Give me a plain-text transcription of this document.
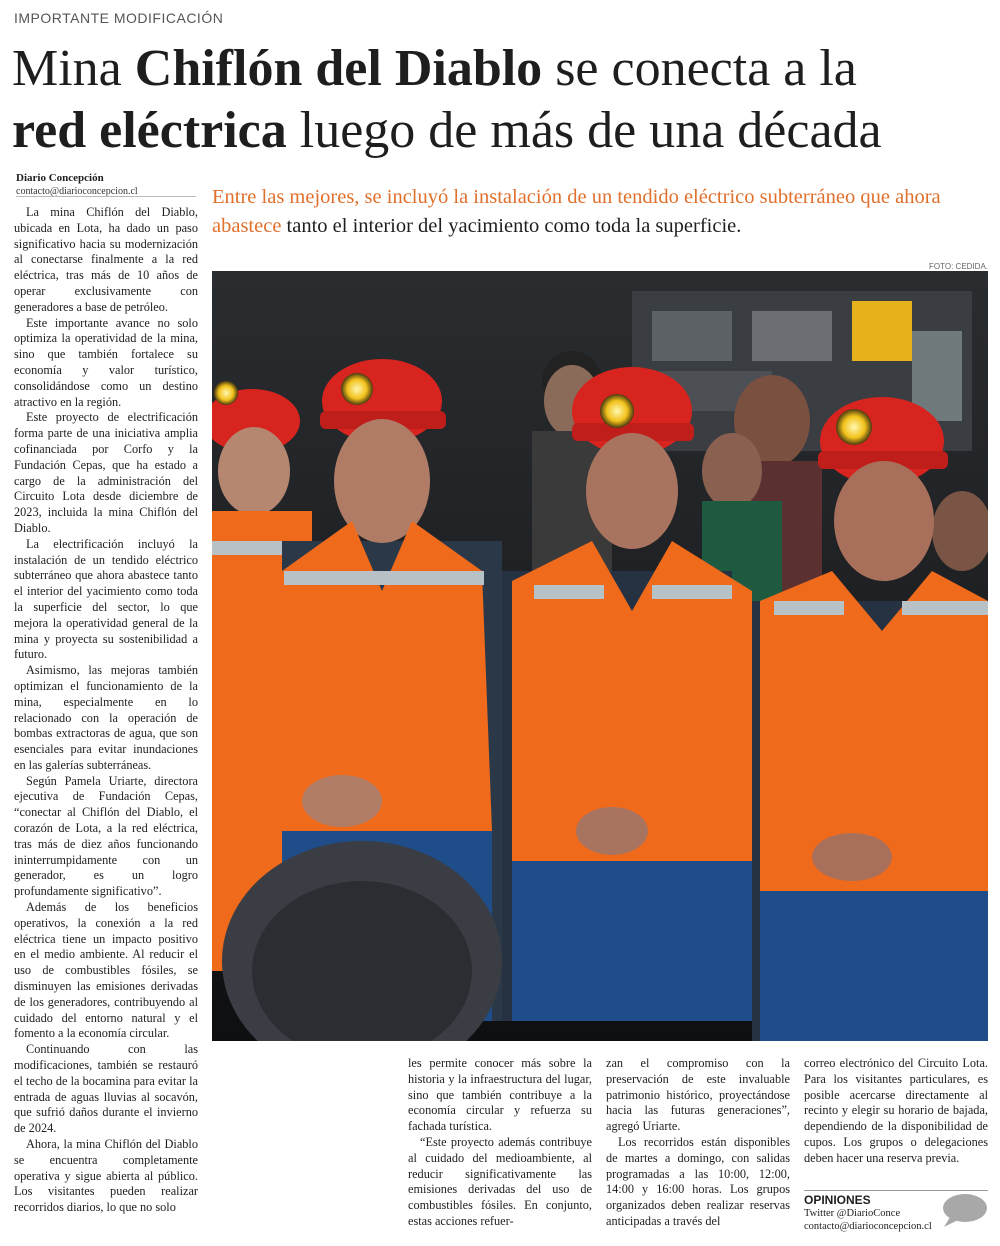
IMPORTANTE MODIFICACIÓN
Mina Chiflón del Diablo se conecta a la
red eléctrica luego de más de una década
Diario Concepción
contacto@diarioconcepcion.cl	Entre las mejores, se incluyó la instalación de un tendido eléctrico subterráneo que ahora abastece tanto el interior del yacimiento como toda la superficie.
FOTO: CEDIDA.

La mina Chiflón del Diablo, ubicada en Lota, ha dado un paso significativo hacia su modernización al conectarse finalmente a la red eléctrica, tras más de 10 años de operar exclusivamente con generadores a base de petróleo.

Este importante avance no solo optimiza la operatividad de la mina, sino que también fortalece su economía y valor turístico, consolidándose como un destino atractivo en la región.

Este proyecto de electrificación forma parte de una iniciativa amplia cofinanciada por Corfo y la Fundación Cepas, que ha estado a cargo de la administración del Circuito Lota desde diciembre de 2023, incluida la mina Chiflón del Diablo.

La electrificación incluyó la instalación de un tendido eléctrico subterráneo que ahora abastece tanto el interior del yacimiento como toda la superficie del sector, lo que mejora la operatividad general de la mina y proyecta su sostenibilidad a futuro.

Asimismo, las mejoras también optimizan el funcionamiento de la mina, especialmente en lo relacionado con la operación de bombas extractoras de agua, que son esenciales para evitar inundaciones en las galerías subterráneas.

Según Pamela Uriarte, directora ejecutiva de Fundación Cepas, “conectar al Chiflón del Diablo, el corazón de Lota, a la red eléctrica, tras más de diez años funcionando ininterrumpidamente con un generador, es un logro profundamente significativo”.

Además de los beneficios operativos, la conexión a la red eléctrica tiene un impacto positivo en el medio ambiente. Al reducir el uso de combustibles fósiles, se disminuyen las emisiones derivadas de los generadores, contribuyendo al cuidado del entorno natural y el fomento a la economía circular.

Continuando con las modificaciones, también se restauró el techo de la bocamina para evitar la entrada de aguas lluvias al socavón, que sufrió daños durante el invierno de 2024.

Ahora, la mina Chiflón del Diablo se encuentra completamente operativa y sigue abierta al público. Los visitantes pueden realizar recorridos diarios, lo que no solo

les permite conocer más sobre la historia y la infraestructura del lugar, sino que también contribuye a la economía circular y refuerza su fachada turística.

“Este proyecto además contribuye al cuidado del medioambiente, al reducir significativamente las emisiones derivadas del uso de combustibles fósiles. En conjunto, estas acciones refuer-

zan el compromiso con la preservación de este invaluable patrimonio histórico, proyectándose hacia las futuras generaciones”, agregó Uriarte.

Los recorridos están disponibles de martes a domingo, con salidas programadas a las 10:00, 12:00, 14:00 y 16:00 horas. Los grupos organizados deben realizar reservas anticipadas a través del

correo electrónico del Circuito Lota. Para los visitantes particulares, es posible acercarse directamente al recinto y elegir su horario de bajada, dependiendo de la disponibilidad de cupos. Los grupos o delegaciones deben hacer una reserva previa.

OPINIONES
Twitter @DiarioConce
contacto@diarioconcepcion.cl
